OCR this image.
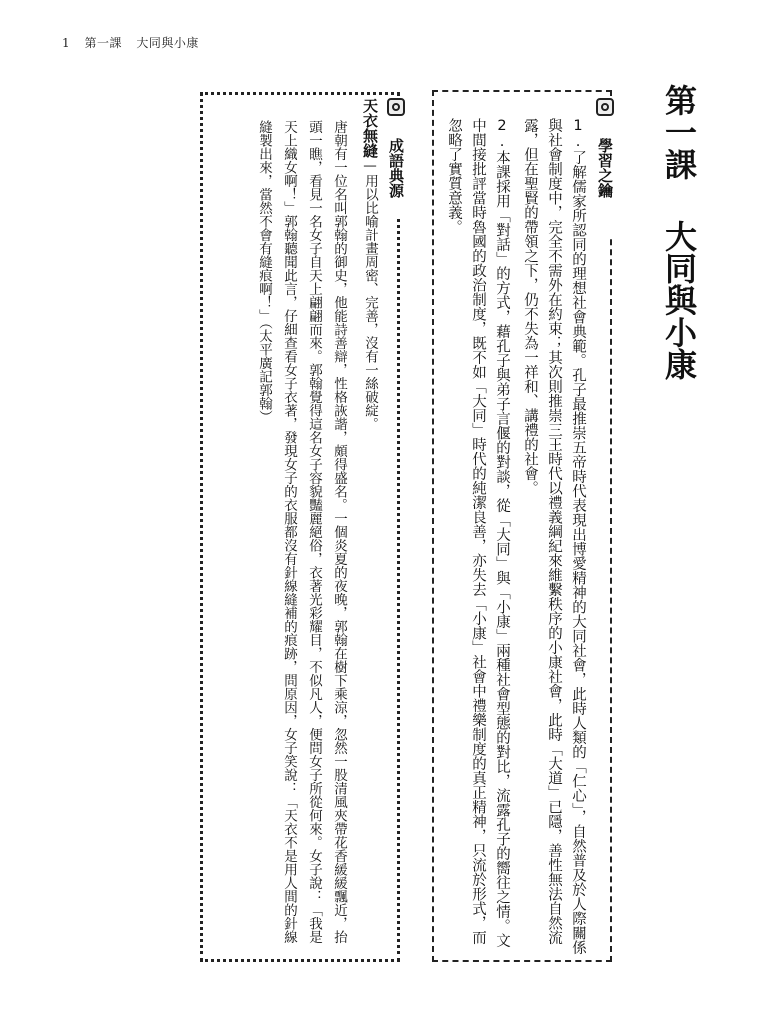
1 第一課 大同與小康
第一課大同與小康
學習之鑰

1.了解儒家所認同的理想社會典範。孔子最推崇五帝時代表現出博愛精神的大同社會，此時人類的「仁心」，自然普及於人際關係與社會制度中，完全不需外在約束；其次則推崇三王時代以禮義綱紀來維繫秩序的小康社會，此時「大道」已隱，善性無法自然流露，但在聖賢的帶領之下，仍不失為一祥和、講禮的社會。

2.本課採用「對話」的方式，藉孔子與弟子言偃的對談，從「大同」與「小康」兩種社會型態的對比，流露孔子的嚮往之情。文中間接批評當時魯國的政治制度，既不如「大同」時代的純潔良善，亦失去「小康」社會中禮樂制度的真正精神，只流於形式，而忽略了實質意義。

成語典源

天衣無縫—用以比喻計畫周密、完善，沒有一絲破綻。

唐朝有一位名叫郭翰的御史，他能詩善辯，性格詼諧，頗得盛名。一個炎夏的夜晚，郭翰在樹下乘涼，忽然一股清風夾帶花香緩緩飄近，抬頭一瞧，看見一名女子自天上翩翩而來。郭翰覺得這名女子容貌豔麗絕俗，衣著光彩耀目，不似凡人，便問女子所從何來。女子說：「我是天上織女啊！」郭翰聽聞此言，仔細查看女子衣著，發現女子的衣服都沒有針線縫補的痕跡，問原因，女子笑說：「天衣不是用人間的針線縫製出來，當然不會有縫痕啊！」（太平廣記郭翰）
